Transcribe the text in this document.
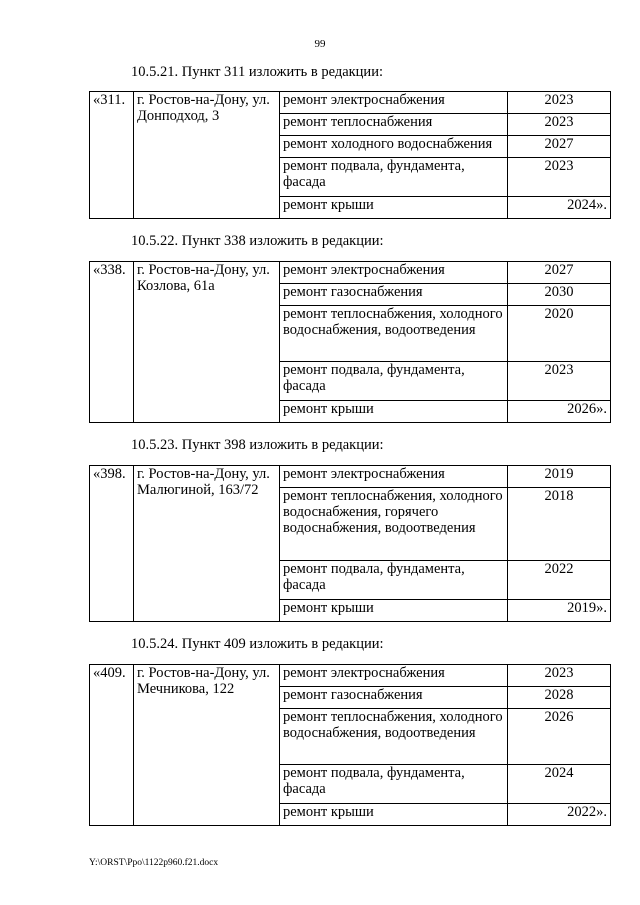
99
10.5.21. Пункт 311 изложить в редакции:
«311.	г. Ростов-на-Дону, ул. Донподход, 3	ремонт электроснабжения	2023
		ремонт теплоснабжения	2023
		ремонт холодного водоснабжения	2027
		ремонт подвала, фундамента, фасада	2023
		ремонт крыши	2024».
10.5.22. Пункт 338 изложить в редакции:
«338.	г. Ростов-на-Дону, ул. Козлова, 61а	ремонт электроснабжения	2027
		ремонт газоснабжения	2030
		ремонт теплоснабжения, холодного водоснабжения, водоотведения	2020
		ремонт подвала, фундамента, фасада	2023
		ремонт крыши	2026».
10.5.23. Пункт 398 изложить в редакции:
«398.	г. Ростов-на-Дону, ул. Малюгиной, 163/72	ремонт электроснабжения	2019
		ремонт теплоснабжения, холодного водоснабжения, горячего водоснабжения, водоотведения	2018
		ремонт подвала, фундамента, фасада	2022
		ремонт крыши	2019».
10.5.24. Пункт 409 изложить в редакции:
«409.	г. Ростов-на-Дону, ул. Мечникова, 122	ремонт электроснабжения	2023
		ремонт газоснабжения	2028
		ремонт теплоснабжения, холодного водоснабжения, водоотведения	2026
		ремонт подвала, фундамента, фасада	2024
		ремонт крыши	2022».
Y:\ORST\Ppo\1122p960.f21.docx
